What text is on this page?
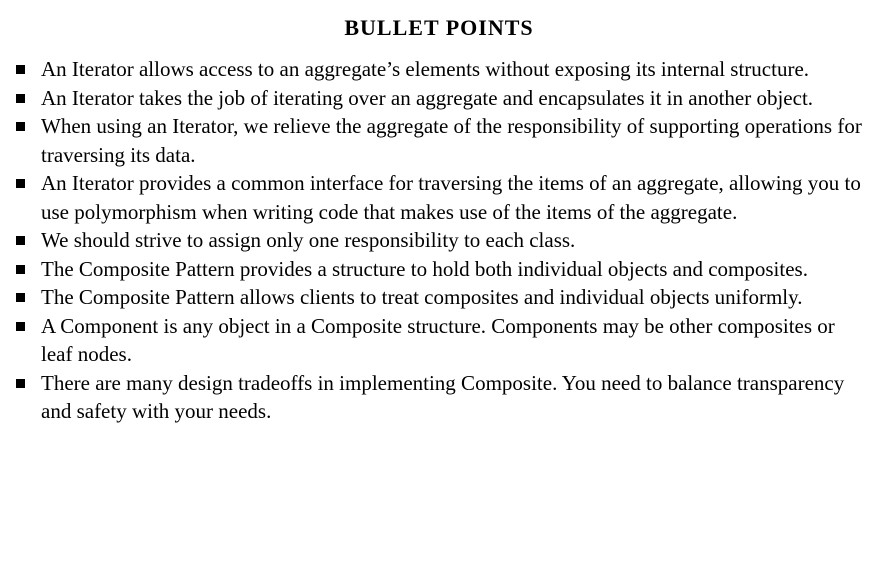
BULLET POINTS
An Iterator allows access to an aggregate’s elements without exposing its internal structure.
An Iterator takes the job of iterating over an aggregate and encapsulates it in another object.
When using an Iterator, we relieve the aggregate of the responsibility of supporting operations for traversing its data.
An Iterator provides a common interface for traversing the items of an aggregate, allowing you to use polymorphism when writing code that makes use of the items of the aggregate.
We should strive to assign only one responsibility to each class.
The Composite Pattern provides a structure to hold both individual objects and composites.
The Composite Pattern allows clients to treat composites and individual objects uniformly.
A Component is any object in a Composite structure. Components may be other composites or leaf nodes.
There are many design tradeoffs in implementing Composite. You need to balance transparency and safety with your needs.
